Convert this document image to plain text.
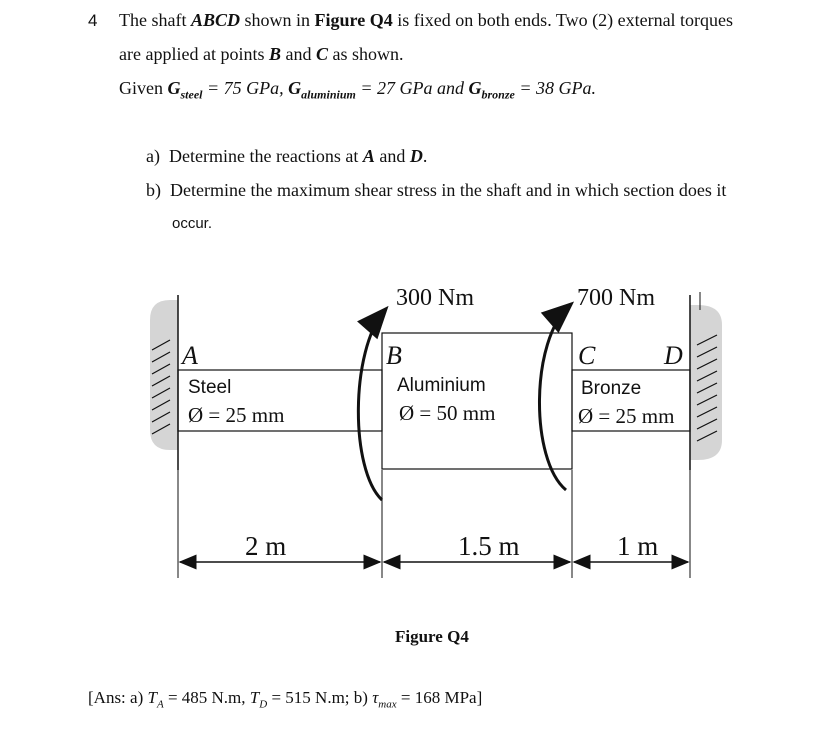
4 The shaft ABCD shown in Figure Q4 is fixed on both ends. Two (2) external torques
are applied at points B and C as shown.
Given $G_{steel} = 75$ GPa, $G_{aluminium} = 27$ GPa and $G_{bronze} = 38$ GPa.
a) Determine the reactions at A and D.
b) Determine the maximum shear stress in the shaft and in which section does it
occur.
300 Nm	700 Nm
A	B	C	D
Steel
Ø = 25 mm
Aluminium
Ø = 50 mm
Bronze
Ø = 25 mm
2 m	1.5 m	1 m
Figure Q4
[Ans: a) $T_A = 485$ N.m, $T_D = 515$ N.m; b) $\tau_{max} = 168$ MPa]
